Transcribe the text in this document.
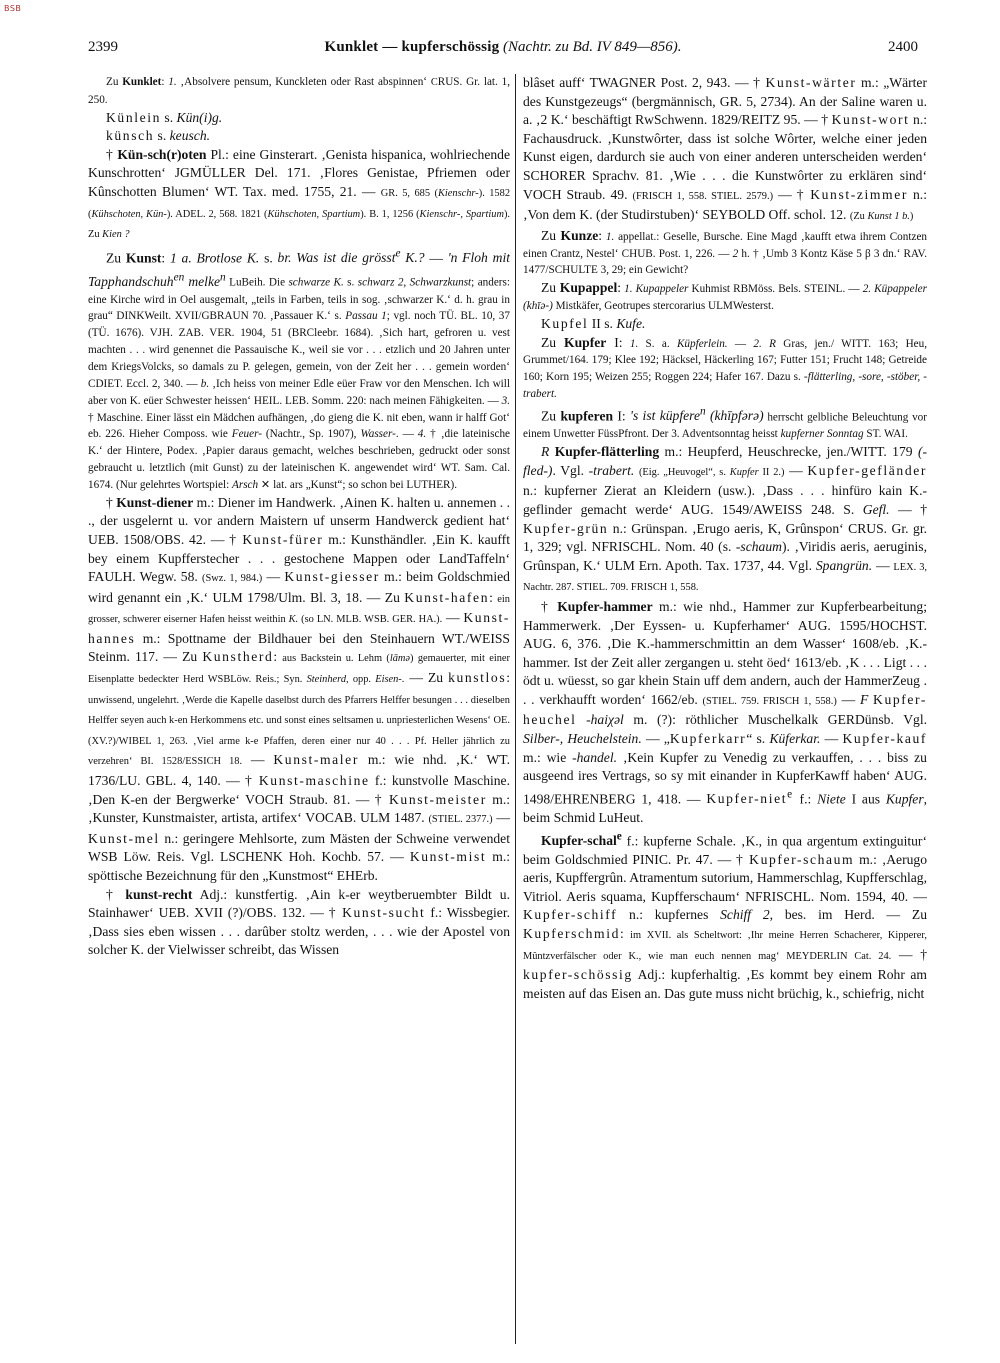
BSB
2399	Kunklet — kupferschössig (Nachtr. zu Bd. IV 849—856).	2400

Zu Kunklet: 1. ‚Absolvere pensum, Kunckleten oder Rast abspinnen‘ CRUS. Gr. lat. 1, 250.

Künlein s. Kün(i)g.

künsch s. keusch.

† Kün-sch(r)oten Pl.: eine Ginsterart. ‚Genista hispanica, wohlriechende Kunschrotten‘ JGMÜLLER Del. 171. ‚Flores Genistae, Pfriemen oder Kûnschotten Blumen‘ WT. Tax. med. 1755, 21. — GR. 5, 685 (Kienschr-). 1582 (Kühschoten, Kün-). ADEL. 2, 568. 1821 (Kühschoten, Spartium). B. 1, 1256 (Kienschr-, Spartium). Zu Kien ?

Zu Kunst: 1 a. Brotlose K. s. br. Was ist die grösst$^e$ K.? — 'n Floh mit Tapphandschuh$^{en}$ melke$^n$ LuBeih. Die schwarze K. s. schwarz 2, Schwarzkunst; anders: eine Kirche wird in Oel ausgemalt, „teils in Farben, teils in sog. ‚schwarzer K.‘ d. h. grau in grau“ DINKWeilt. XVII/GBRAUN 70. ‚Passauer K.‘ s. Passau 1; vgl. noch TÜ. BL. 10, 37 (TÜ. 1676). VJH. ZAB. VER. 1904, 51 (BRCleebr. 1684). ‚Sich hart, gefroren u. vest machten . . . wird genennet die Passauische K., weil sie vor . . . etzlich und 20 Jahren unter dem KriegsVolcks, so damals zu P. gelegen, gemein, von der Zeit her . . . gemein worden‘ CDIET. Eccl. 2, 340. — b. ‚Ich heiss von meiner Edle eüer Fraw vor den Menschen. Ich will aber von K. eüer Schwester heissen‘ HEIL. LEB. Somm. 220: nach meinen Fähigkeiten. — 3. † Maschine. Einer lässt ein Mädchen aufhängen, ‚do gieng die K. nit eben, wann ir halff Got‘ eb. 226. Hieher Composs. wie Feuer- (Nachtr., Sp. 1907), Wasser-. — 4. † ‚die lateinische K.‘ der Hintere, Podex. ‚Papier daraus gemacht, welches beschrieben, gedruckt oder sonst gebraucht u. letztlich (mit Gunst) zu der lateinischen K. angewendet wird‘ WT. Sam. Cal. 1674. (Nur gelehrtes Wortspiel: Arsch ✕ lat. ars „Kunst“; so schon bei LUTHER).

† Kunst-diener m.: Diener im Handwerk. ‚Ainen K. halten u. annemen . . ., der usgelernt u. vor andern Maistern uf unserm Handwerck gedient hat‘ UEB. 1508/OBS. 42. — † Kunst-fürer m.: Kunsthändler. ‚Ein K. kaufft bey einem Kupfferstecher . . . gestochene Mappen oder LandTaffeln‘ FAULH. Wegw. 58. (Swz. 1, 984.) — Kunst-giesser m.: beim Goldschmied wird genannt ein ‚K.‘ ULM 1798/Ulm. Bl. 3, 18. — Zu Kunst-hafen: ein grosser, schwerer eiserner Hafen heisst weithin K. (so LN. MLB. WSB. GER. HA.). — Kunst-hannes m.: Spottname der Bildhauer bei den Steinhauern WT./WEISS Steinm. 117. — Zu Kunstherd: aus Backstein u. Lehm (lāmə) gemauerter, mit einer Eisenplatte bedeckter Herd WSBLöw. Reis.; Syn. Steinherd, opp. Eisen-. — Zu kunstlos: unwissend, ungelehrt. ‚Werde die Kapelle daselbst durch des Pfarrers Helffer besungen . . . dieselben Helffer seyen auch k-en Herkommens etc. und sonst eines seltsamen u. unpriesterlichen Wesens‘ OE. (XV.?)/WIBEL 1, 263. ‚Viel arme k-e Pfaffen, deren einer nur 40 . . . Pf. Heller jährlich zu verzehren‘ BI. 1528/ESSICH 18. — Kunst-maler m.: wie nhd. ‚K.‘ WT. 1736/LU. GBL. 4, 140. — † Kunst-maschine f.: kunstvolle Maschine. ‚Den K-en der Bergwerke‘ VOCH Straub. 81. — † Kunst-meister m.: ‚Kunster, Kunstmaister, artista, artifex‘ VOCAB. ULM 1487. (STIEL. 2377.) — Kunst-mel n.: geringere Mehlsorte, zum Mästen der Schweine verwendet WSB Löw. Reis. Vgl. LSCHENK Hoh. Kochb. 57. — Kunst-mist m.: spöttische Bezeichnung für den „Kunstmost“ EHErb.

† kunst-recht Adj.: kunstfertig. ‚Ain k-er weytberuembter Bildt u. Stainhawer‘ UEB. XVII (?)/OBS. 132. — † Kunst-sucht f.: Wissbegier. ‚Dass sies eben wissen . . . darûber stoltz werden, . . . wie der Apostel von solcher K. der Vielwisser schreibt, das Wissen

blâset auff‘ TWAGNER Post. 2, 943. — † Kunst-wärter m.: „Wärter des Kunstgezeugs“ (bergmännisch, GR. 5, 2734). An der Saline waren u. a. ‚2 K.‘ beschäftigt RwSchwenn. 1829/REITZ 95. — † Kunst-wort n.: Fachausdruck. ‚Kunstwôrter, dass ist solche Wôrter, welche einer jeden Kunst eigen, dardurch sie auch von einer anderen unterscheiden werden‘ SCHORER Sprachv. 81. ‚Wie . . . die Kunstwôrter zu erklären sind‘ VOCH Straub. 49. (FRISCH 1, 558. STIEL. 2579.) — † Kunst-zimmer n.: ‚Von dem K. (der Studirstuben)‘ SEYBOLD Off. schol. 12. (Zu Kunst 1 b.)

Zu Kunze: 1. appellat.: Geselle, Bursche. Eine Magd ‚kaufft etwa ihrem Contzen einen Crantz, Nestel‘ CHUB. Post. 1, 226. — 2 h. † ‚Umb 3 Kontz Käse 5 β 3 dn.‘ RAV. 1477/SCHULTE 3, 29; ein Gewicht?

Zu Kupappel: 1. Kupappeler Kuhmist RBMöss. Bels. STEINL. — 2. Küpappeler (khīə-) Mistkäfer, Geotrupes stercorarius ULMWesterst.

Kupfel II s. Kufe.

Zu Kupfer I: 1. S. a. Küpferlein. — 2. R Gras, jen./ WITT. 163; Heu, Grummet/164. 179; Klee 192; Häcksel, Häckerling 167; Futter 151; Frucht 148; Getreide 160; Korn 195; Weizen 255; Roggen 224; Hafer 167. Dazu s. -flätterling, -sore, -stöber, -trabert.

Zu kupferen I: 's ist küpfere$^n$ (khīpfərə) herrscht gelbliche Beleuchtung vor einem Unwetter FüssPfront. Der 3. Adventsonntag heisst kupferner Sonntag ST. WAI.

R Kupfer-flätterling m.: Heupferd, Heuschrecke, jen./WITT. 179 (-fled-). Vgl. -trabert. (Eig. „Heuvogel“, s. Kupfer II 2.) — Kupfer-gefländer n.: kupferner Zierat an Kleidern (usw.). ‚Dass . . . hinfüro kain K.-geflinder gemacht werde‘ AUG. 1549/AWEISS 248. S. Gefl. — † Kupfer-grün n.: Grünspan. ‚Erugo aeris, K, Grûnspon‘ CRUS. Gr. gr. 1, 329; vgl. NFRISCHL. Nom. 40 (s. -schaum). ‚Viridis aeris, aeruginis, Grûnspan, K.‘ ULM Ern. Apoth. Tax. 1737, 44. Vgl. Spangrün. — LEX. 3, Nachtr. 287. STIEL. 709. FRISCH 1, 558.

† Kupfer-hammer m.: wie nhd., Hammer zur Kupferbearbeitung; Hammerwerk. ‚Der Eyssen- u. Kupferhamer‘ AUG. 1595/HOCHST. AUG. 6, 376. ‚Die K.-hammerschmittin an dem Wasser‘ 1608/eb. ‚K.-hammer. Ist der Zeit aller zergangen u. steht öed‘ 1613/eb. ‚K . . . Ligt . . . ödt u. wüesst, so gar khein Stain uff dem andern, auch der HammerZeug . . . verkhaufft worden‘ 1662/eb. (STIEL. 759. FRISCH 1, 558.) — F Kupfer-heuchel -haiχəl m. (?): röthlicher Muschelkalk GERDünsb. Vgl. Silber-, Heuchelstein. — „Kupferkarr“ s. Küferkar. — Kupfer-kauf m.: wie -handel. ‚Kein Kupfer zu Venedig zu verkauffen, . . . biss zu ausgeend ires Vertrags, so sy mit einander in KupferKawff haben‘ AUG. 1498/EHRENBERG 1, 418. — Kupfer-niet$^e$ f.: Niete I aus Kupfer, beim Schmid LuHeut.

Kupfer-schal$^e$ f.: kupferne Schale. ‚K., in qua argentum extinguitur‘ beim Goldschmied PINIC. Pr. 47. — † Kupfer-schaum m.: ‚Aerugo aeris, Kupffergrûn. Atramentum sutorium, Hammerschlag, Kupfferschlag, Vitriol. Aeris squama, Kupfferschaum‘ NFRISCHL. Nom. 1594, 40. — Kupfer-schiff n.: kupfernes Schiff 2, bes. im Herd. — Zu Kupferschmid: im XVII. als Scheltwort: ‚Ihr meine Herren Schacherer, Kipperer, Mûntzverfälscher oder K., wie man euch nennen mag‘ MEYDERLIN Cat. 24. — † kupfer-schössig Adj.: kupferhaltig. ‚Es kommt bey einem Rohr am meisten auf das Eisen an. Das gute muss nicht brüchig, k., schiefrig, nicht
